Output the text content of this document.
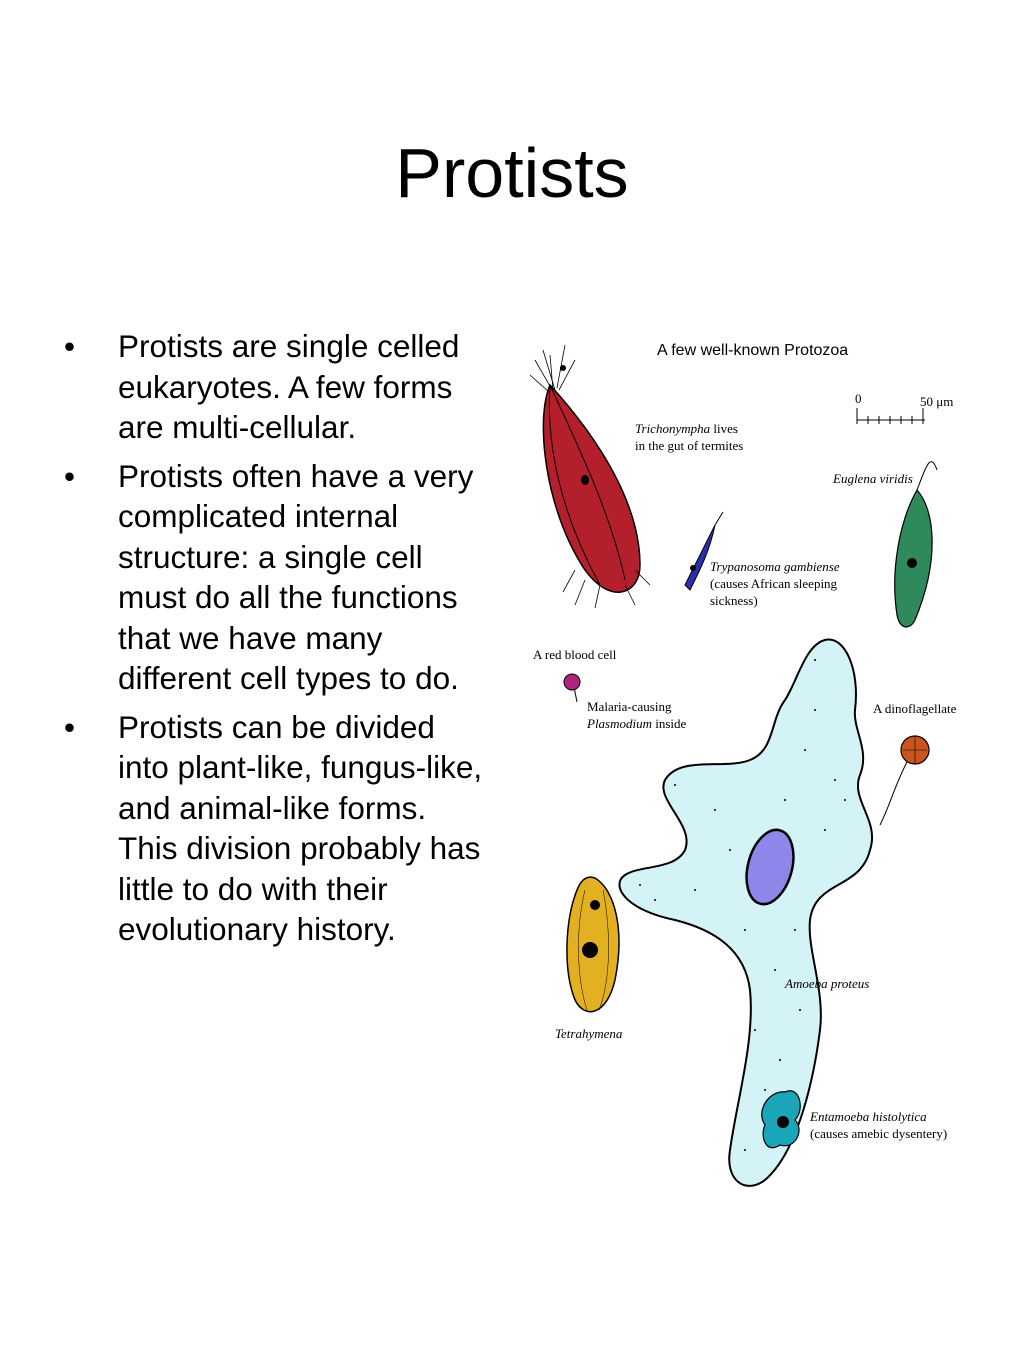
Protists
•	Protists are single celled eukaryotes. A few forms are multi-cellular.
•	Protists often have a very complicated internal structure: a single cell must do all the functions that we have many different cell types to do.
•	Protists can be divided into plant-like, fungus-like, and animal-like forms. This division probably has little to do with their evolutionary history.
A few well-known Protozoa
0	50 μm
Trichonympha lives
in the gut of termites
Euglena viridis
Trypanosoma gambiense
(causes African sleeping
sickness)
A red blood cell
Malaria-causing
Plasmodium inside
A dinoflagellate
Amoeba proteus
Tetrahymena
Entamoeba histolytica
(causes amebic dysentery)
